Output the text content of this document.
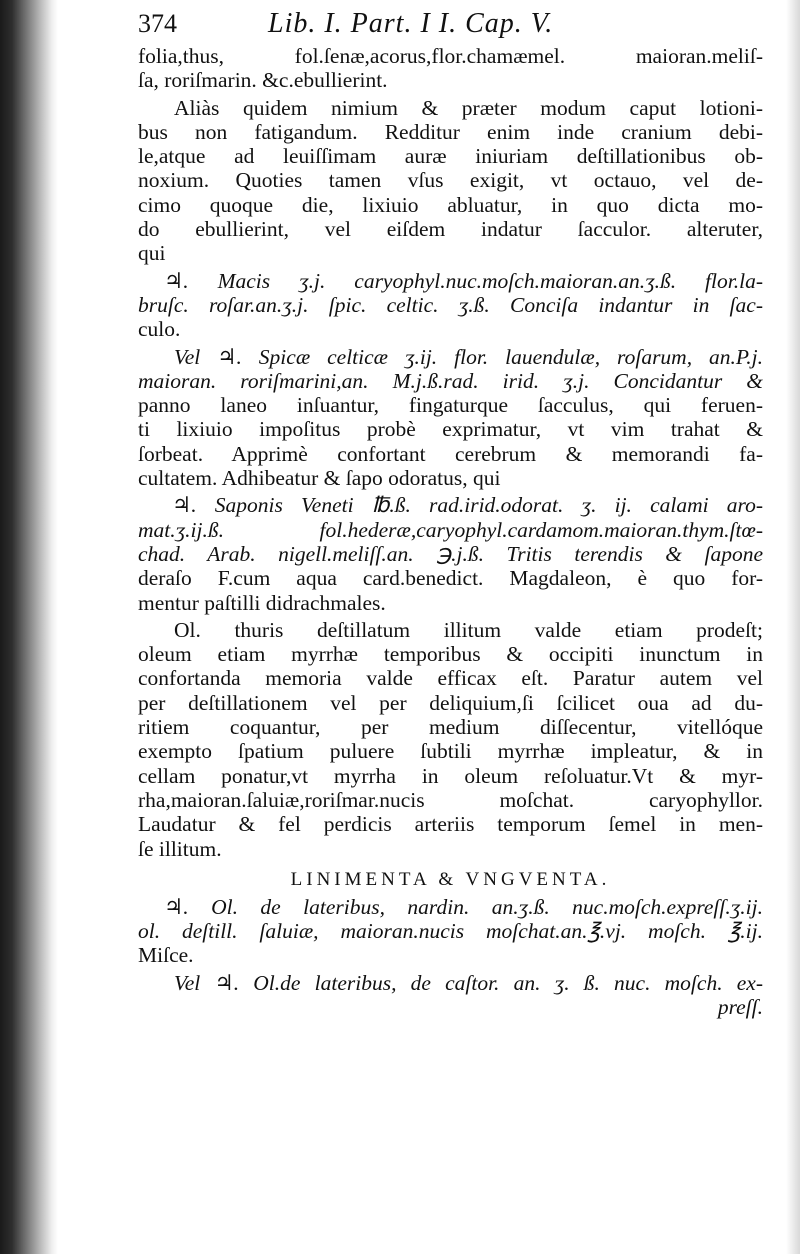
374	Lib. I. Part. I I. Cap. V.
folia,thus, fol.ſenæ,acorus,flor.chamæmel. maioran.meliſ-
ſa, roriſmarin. &c.ebullierint.
Aliàs quidem nimium & præter modum caput lotioni-
bus non fatigandum. Redditur enim inde cranium debi-
le,atque ad leuiſſimam auræ iniuriam deſtillationibus ob-
noxium. Quoties tamen vſus exigit, vt octauo, vel de-
cimo quoque die, lixiuio abluatur, in quo dicta mo-
do ebullierint, vel eiſdem indatur ſacculor. alteruter,
qui
♃. Macis ʒ.j. caryophyl.nuc.moſch.maioran.an.ʒ.ß. flor.la-
bruſc. roſar.an.ʒ.j. ſpic. celtic. ʒ.ß. Conciſa indantur in ſac-
culo.
Vel ♃. Spicæ celticæ ʒ.ij. flor. lauendulæ, roſarum, an.P.j.
maioran. roriſmarini,an. M.j.ß.rad. irid. ʒ.j. Concidantur &
panno laneo inſuantur, fingaturque ſacculus, qui feruen-
ti lixiuio impoſitus probè exprimatur, vt vim trahat &
ſorbeat. Apprimè confortant cerebrum & memorandi fa-
cultatem. Adhibeatur & ſapo odoratus, qui
♃. Saponis Veneti ℔.ß. rad.irid.odorat. ʒ. ij. calami aro-
mat.ʒ.ij.ß. fol.hederæ,caryophyl.cardamom.maioran.thym.ſtœ-
chad. Arab. nigell.meliſſ.an. ℈.j.ß. Tritis terendis & ſapone
deraſo F.cum aqua card.benedict. Magdaleon, è quo for-
mentur paſtilli didrachmales.
Ol. thuris deſtillatum illitum valde etiam prodeſt;
oleum etiam myrrhæ temporibus & occipiti inunctum in
confortanda memoria valde efficax eſt. Paratur autem vel
per deſtillationem vel per deliquium,ſi ſcilicet oua ad du-
ritiem coquantur, per medium diſſecentur, vitellóque
exempto ſpatium puluere ſubtili myrrhæ impleatur, & in
cellam ponatur,vt myrrha in oleum reſoluatur.Vt & myr-
rha,maioran.ſaluiæ,roriſmar.nucis moſchat. caryophyllor.
Laudatur & fel perdicis arteriis temporum ſemel in men-
ſe illitum.
LINIMENTA & VNGVENTA.
♃. Ol. de lateribus, nardin. an.ʒ.ß. nuc.moſch.expreſſ.ʒ.ij.
ol. deſtill. ſaluiæ, maioran.nucis moſchat.an.℥.vj. moſch. ℥.ij.
Miſce.
Vel ♃. Ol.de lateribus, de caſtor. an. ʒ. ß. nuc. moſch. ex-
preſſ.
